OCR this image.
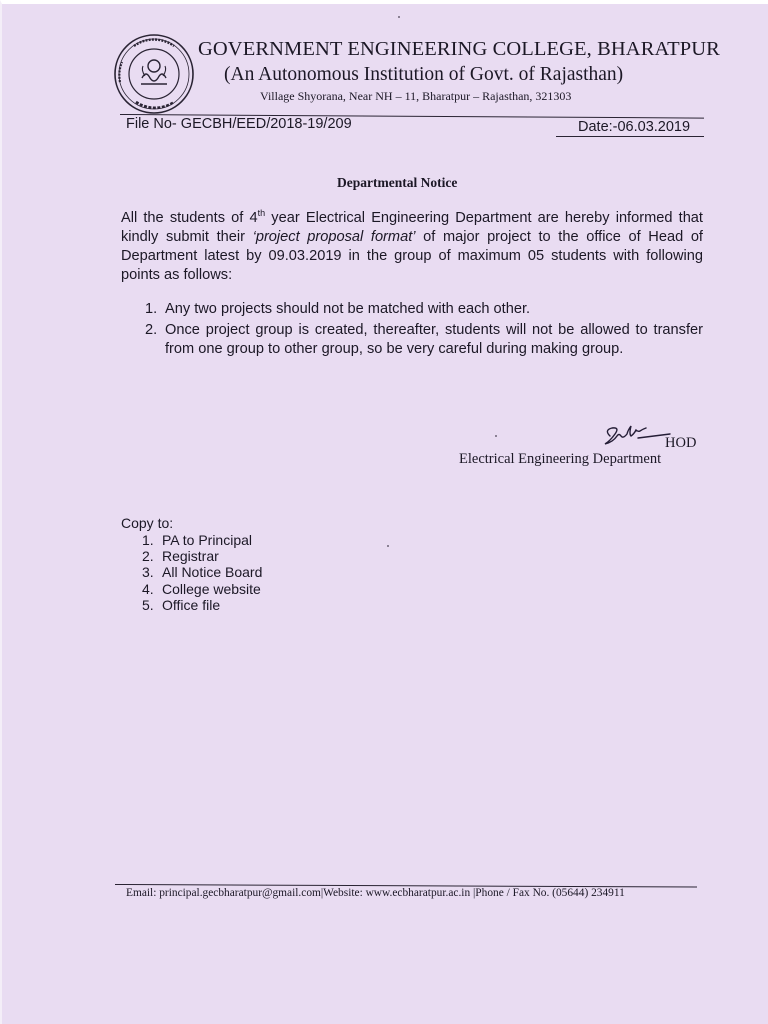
GOVERNMENT ENGINEERING COLLEGE, BHARATPUR
(An Autonomous Institution of Govt. of Rajasthan)
Village Shyorana, Near NH – 11, Bharatpur – Rajasthan, 321303
File No- GECBH/EED/2018-19/209	Date:-06.03.2019
Departmental Notice
All the students of 4th year Electrical Engineering Department are hereby informed that kindly submit their ‘project proposal format’ of major project to the office of Head of Department latest by 09.03.2019 in the group of maximum 05 students with following points as follows:
1. Any two projects should not be matched with each other.
2. Once project group is created, thereafter, students will not be allowed to transfer from one group to other group, so be very careful during making group.
HOD
Electrical Engineering Department
Copy to:
1. PA to Principal
2. Registrar
3. All Notice Board
4. College website
5. Office file
Email: principal.gecbharatpur@gmail.com|Website: www.ecbharatpur.ac.in |Phone / Fax No. (05644) 234911
